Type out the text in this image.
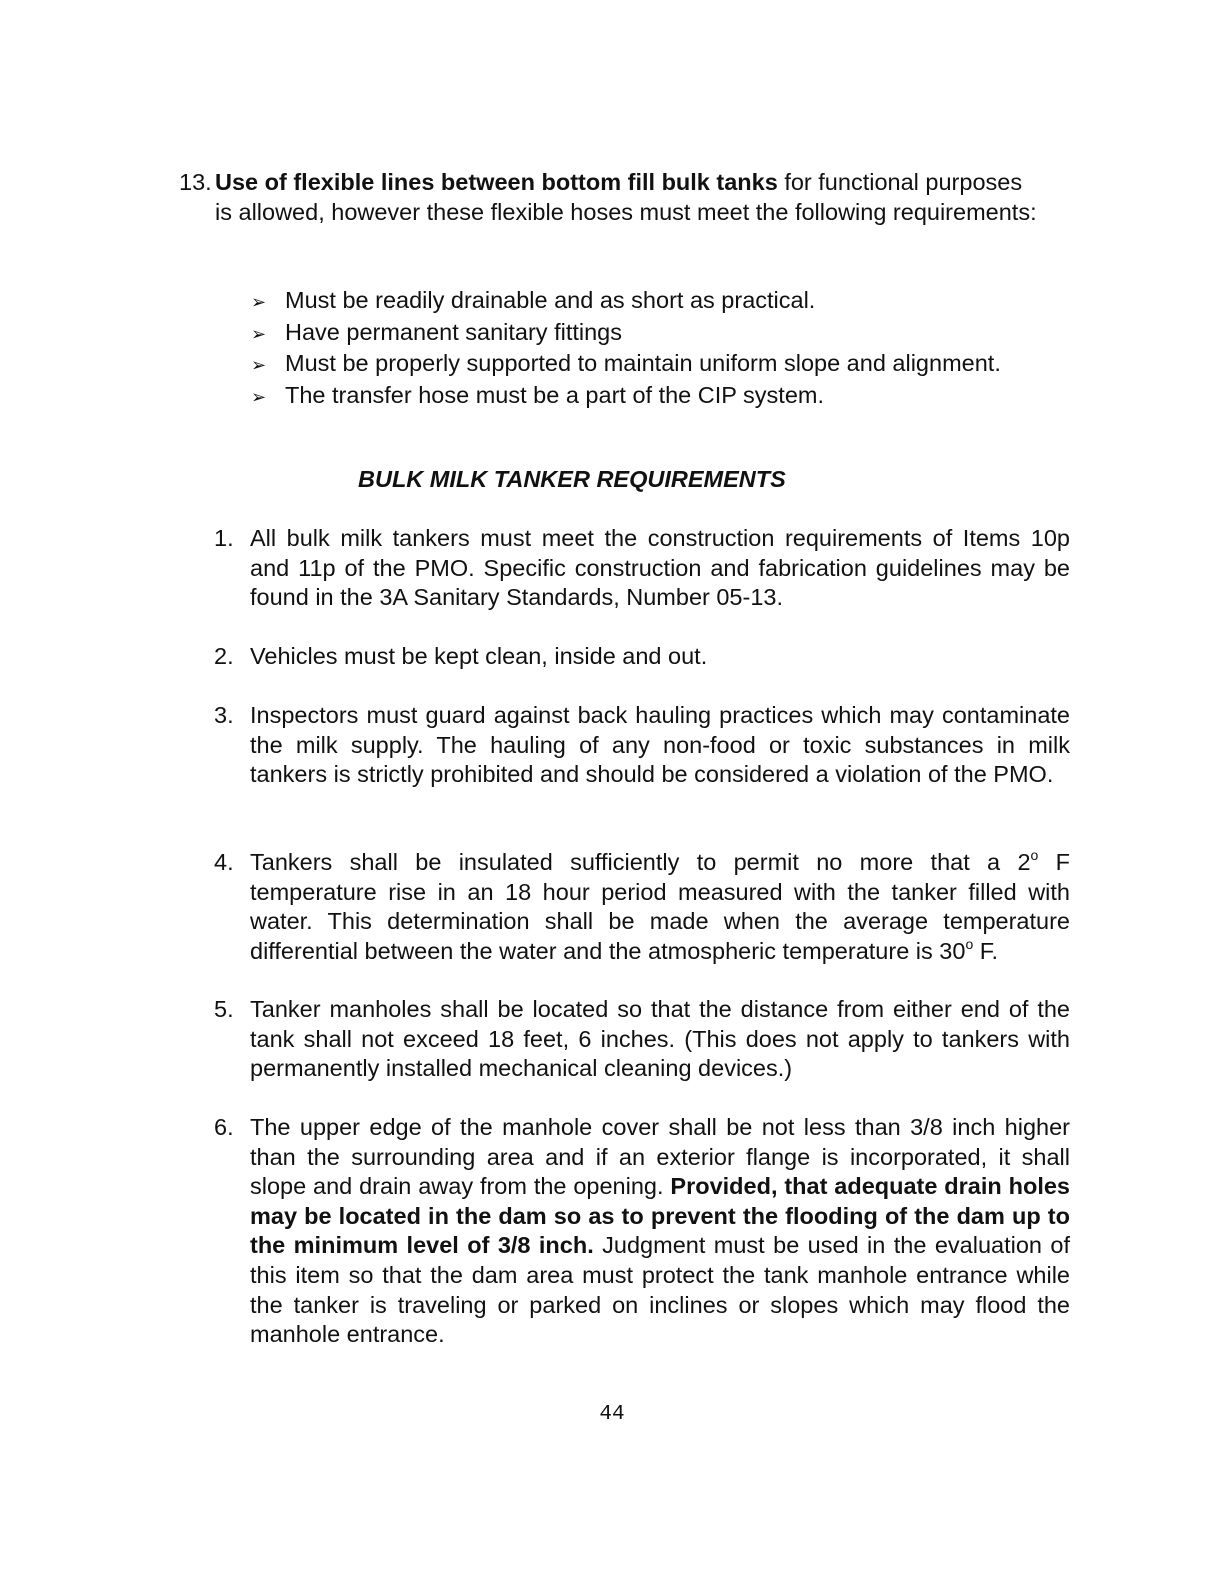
13. Use of flexible lines between bottom fill bulk tanks for functional purposes
is allowed, however these flexible hoses must meet the following requirements:
➢ Must be readily drainable and as short as practical.
➢ Have permanent sanitary fittings
➢ Must be properly supported to maintain uniform slope and alignment.
➢ The transfer hose must be a part of the CIP system.
BULK MILK TANKER REQUIREMENTS
1. All bulk milk tankers must meet the construction requirements of Items 10p and 11p of the PMO. Specific construction and fabrication guidelines may be found in the 3A Sanitary Standards, Number 05-13.

2. Vehicles must be kept clean, inside and out.

3. Inspectors must guard against back hauling practices which may contaminate the milk supply. The hauling of any non-food or toxic substances in milk tankers is strictly prohibited and should be considered a violation of the PMO.

4. Tankers shall be insulated sufficiently to permit no more that a 2$^o$ F temperature rise in an 18 hour period measured with the tanker filled with water. This determination shall be made when the average temperature differential between the water and the atmospheric temperature is 30$^o$ F.

5. Tanker manholes shall be located so that the distance from either end of the tank shall not exceed 18 feet, 6 inches. (This does not apply to tankers with permanently installed mechanical cleaning devices.)

6. The upper edge of the manhole cover shall be not less than 3/8 inch higher than the surrounding area and if an exterior flange is incorporated, it shall slope and drain away from the opening. Provided, that adequate drain holes may be located in the dam so as to prevent the flooding of the dam up to the minimum level of 3/8 inch. Judgment must be used in the evaluation of this item so that the dam area must protect the tank manhole entrance while the tanker is traveling or parked on inclines or slopes which may flood the manhole entrance.

44
